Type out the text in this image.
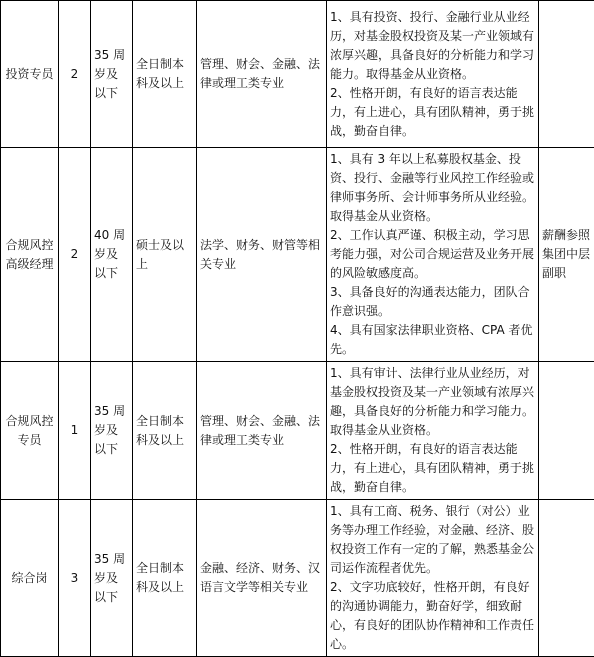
投资专员	2	35 周岁及以下	全日制本科及以上	管理、财会、金融、法律或理工类专业	1、具有投资、投行、金融行业从业经历，对基金股权投资及某一产业领域有浓厚兴趣，具备良好的分析能力和学习能力。取得基金从业资格。

2、性格开朗，有良好的语言表达能力，有上进心，具有团队精神，勇于挑战，勤奋自律。	

合规风控高级经理	2	40 周岁及以下	硕士及以上	法学、财务、财管等相关专业	1、具有 3 年以上私募股权基金、投资、投行、金融等行业风控工作经验或律师事务所、会计师事务所从业经验。取得基金从业资格。

2、工作认真严谨、积极主动，学习思考能力强，对公司合规运营及业务开展的风险敏感度高。

3、具备良好的沟通表达能力，团队合作意识强。

4、具有国家法律职业资格、CPA 者优先。	薪酬参照集团中层副职
合规风控专员	1	35 周岁及以下	全日制本科及以上	管理、财会、金融、法律或理工类专业	1、具有审计、法律行业从业经历，对基金股权投资及某一产业领域有浓厚兴趣，具备良好的分析能力和学习能力。取得基金从业资格。

2、性格开朗，有良好的语言表达能力，有上进心，具有团队精神，勇于挑战，勤奋自律。	

综合岗	3	35 周岁及以下	全日制本科及以上	金融、经济、财务、汉语言文学等相关专业	1、具有工商、税务、银行（对公）业务等办理工作经验，对金融、经济、股权投资工作有一定的了解，熟悉基金公司运作流程者优先。

2、文字功底较好，性格开朗，有良好的沟通协调能力，勤奋好学，细致耐心，有良好的团队协作精神和工作责任心。	
